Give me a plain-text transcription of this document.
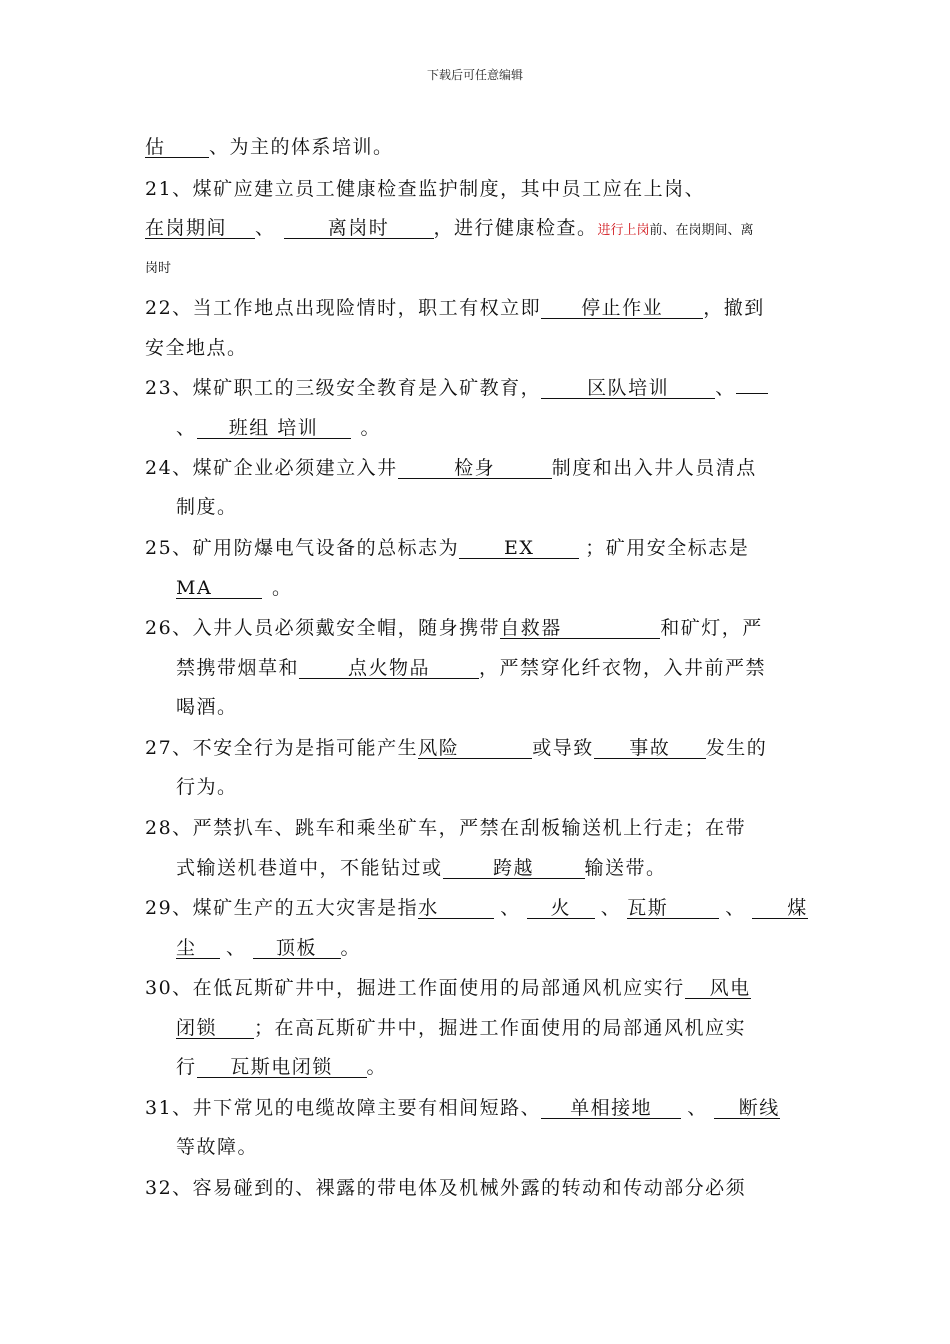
下载后可任意编辑
估 、为主的体系培训。
21、煤矿应建立员工健康检查监护制度，其中员工应在上岗、
在岗期间 、	离岗时 ，进行健康检查。进行上岗前、在岗期间、离
岗时
22、当工作地点出现险情时，职工有权立即 停止作业 ，撤到
安全地点。
23、煤矿职工的三级安全教育是入矿教育， 区队培训 、
、 班组 培训 。
24、煤矿企业必须建立入井	检身	制度和出入井人员清点
制度。
25、矿用防爆电气设备的总标志为 EX	；矿用安全标志是
MA	。
26、入井人员必须戴安全帽，随身携带自救器	和矿灯，严
禁携带烟草和	点火物品	，严禁穿化纤衣物，入井前严禁
喝酒。
27、不安全行为是指可能产生风险	或导致 事故 发生的
行为。
28、严禁扒车、跳车和乘坐矿车，严禁在刮板输送机上行走；在带
式输送机巷道中，不能钻过或	跨越	输送带。
29、煤矿生产的五大灾害是指水	、 火 、 瓦斯	、 煤
尘 、 顶板 。
30、在低瓦斯矿井中，掘进工作面使用的局部通风机应实行 风电
闭锁 ；在高瓦斯矿井中，掘进工作面使用的局部通风机应实
行 瓦斯电闭锁 。
31、井下常见的电缆故障主要有相间短路、 单相接地 、 断线
等故障。
32、容易碰到的、裸露的带电体及机械外露的转动和传动部分必须
